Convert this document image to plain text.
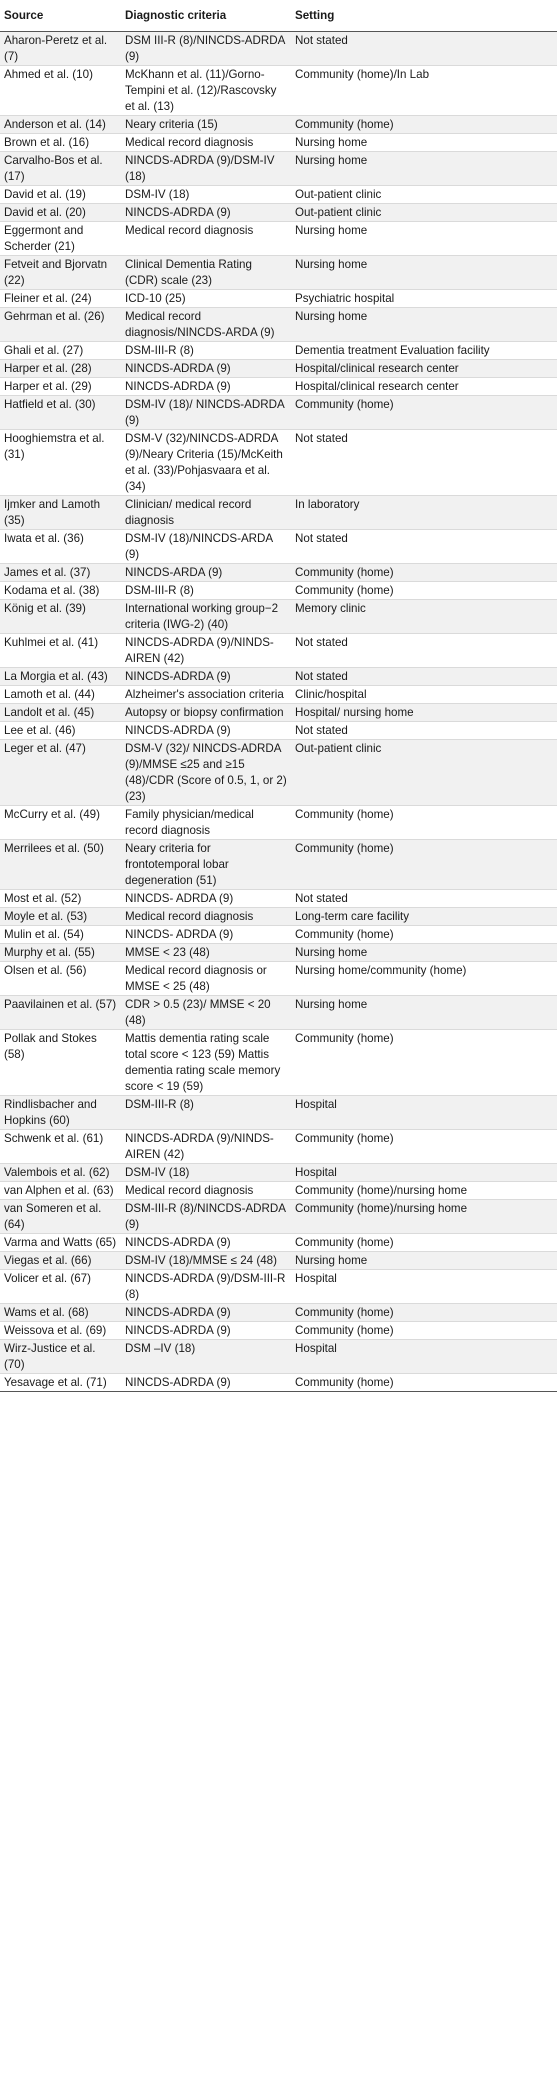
Source	Diagnostic criteria	Setting
Aharon-Peretz et al. (7)	DSM III-R (8)/NINCDS-ADRDA (9)	Not stated
Ahmed et al. (10)	McKhann et al. (11)/Gorno-Tempini et al. (12)/Rascovsky et al. (13)	Community (home)/In Lab
Anderson et al. (14)	Neary criteria (15)	Community (home)
Brown et al. (16)	Medical record diagnosis	Nursing home
Carvalho-Bos et al. (17)	NINCDS-ADRDA (9)/DSM-IV (18)	Nursing home
David et al. (19)	DSM-IV (18)	Out-patient clinic
David et al. (20)	NINCDS-ADRDA (9)	Out-patient clinic
Eggermont and Scherder (21)	Medical record diagnosis	Nursing home
Fetveit and Bjorvatn (22)	Clinical Dementia Rating (CDR) scale (23)	Nursing home
Fleiner et al. (24)	ICD-10 (25)	Psychiatric hospital
Gehrman et al. (26)	Medical record diagnosis/NINCDS-ARDA (9)	Nursing home
Ghali et al. (27)	DSM-III-R (8)	Dementia treatment Evaluation facility
Harper et al. (28)	NINCDS-ADRDA (9)	Hospital/clinical research center
Harper et al. (29)	NINCDS-ADRDA (9)	Hospital/clinical research center
Hatfield et al. (30)	DSM-IV (18)/ NINCDS-ADRDA (9)	Community (home)
Hooghiemstra et al. (31)	DSM-V (32)/NINCDS-ADRDA (9)/Neary Criteria (15)/McKeith et al. (33)/Pohjasvaara et al. (34)	Not stated
Ijmker and Lamoth (35)	Clinician/ medical record diagnosis	In laboratory
Iwata et al. (36)	DSM-IV (18)/NINCDS-ARDA (9)	Not stated
James et al. (37)	NINCDS-ARDA (9)	Community (home)
Kodama et al. (38)	DSM-III-R (8)	Community (home)
König et al. (39)	International working group−2 criteria (IWG-2) (40)	Memory clinic
Kuhlmei et al. (41)	NINCDS-ADRDA (9)/NINDS-AIREN (42)	Not stated
La Morgia et al. (43)	NINCDS-ADRDA (9)	Not stated
Lamoth et al. (44)	Alzheimer's association criteria	Clinic/hospital
Landolt et al. (45)	Autopsy or biopsy confirmation	Hospital/ nursing home
Lee et al. (46)	NINCDS-ADRDA (9)	Not stated
Leger et al. (47)	DSM-V (32)/ NINCDS-ADRDA (9)/MMSE ≤25 and ≥15 (48)/CDR (Score of 0.5, 1, or 2) (23)	Out-patient clinic
McCurry et al. (49)	Family physician/medical record diagnosis	Community (home)
Merrilees et al. (50)	Neary criteria for frontotemporal lobar degeneration (51)	Community (home)
Most et al. (52)	NINCDS- ADRDA (9)	Not stated
Moyle et al. (53)	Medical record diagnosis	Long-term care facility
Mulin et al. (54)	NINCDS- ADRDA (9)	Community (home)
Murphy et al. (55)	MMSE < 23 (48)	Nursing home
Olsen et al. (56)	Medical record diagnosis or MMSE < 25 (48)	Nursing home/community (home)
Paavilainen et al. (57)	CDR > 0.5 (23)/ MMSE < 20 (48)	Nursing home
Pollak and Stokes (58)	Mattis dementia rating scale total score < 123 (59) Mattis dementia rating scale memory score < 19 (59)	Community (home)
Rindlisbacher and Hopkins (60)	DSM-III-R (8)	Hospital
Schwenk et al. (61)	NINCDS-ADRDA (9)/NINDS-AIREN (42)	Community (home)
Valembois et al. (62)	DSM-IV (18)	Hospital
van Alphen et al. (63)	Medical record diagnosis	Community (home)/nursing home
van Someren et al. (64)	DSM-III-R (8)/NINCDS-ADRDA (9)	Community (home)/nursing home
Varma and Watts (65)	NINCDS-ADRDA (9)	Community (home)
Viegas et al. (66)	DSM-IV (18)/MMSE ≤ 24 (48)	Nursing home
Volicer et al. (67)	NINCDS-ADRDA (9)/DSM-III-R (8)	Hospital
Wams et al. (68)	NINCDS-ADRDA (9)	Community (home)
Weissova et al. (69)	NINCDS-ADRDA (9)	Community (home)
Wirz-Justice et al. (70)	DSM –IV (18)	Hospital
Yesavage et al. (71)	NINCDS-ADRDA (9)	Community (home)
